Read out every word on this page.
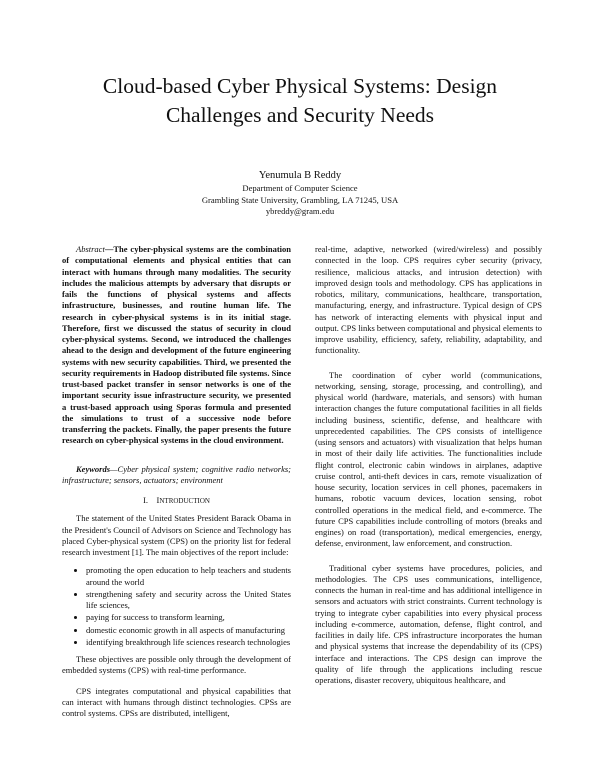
Cloud-based Cyber Physical Systems: Design
Challenges and Security Needs
Yenumula B Reddy
Department of Computer Science
Grambling State University, Grambling, LA 71245, USA
ybreddy@gram.edu

Abstract—The cyber-physical systems are the combination of computational elements and physical entities that can interact with humans through many modalities. The security includes the malicious attempts by adversary that disrupts or fails the functions of physical systems and affects infrastructure, businesses, and routine human life. The research in cyber-physical systems is in its initial stage. Therefore, first we discussed the status of security in cloud cyber-physical systems. Second, we introduced the challenges ahead to the design and development of the future engineering systems with new security capabilities. Third, we presented the security requirements in Hadoop distributed file systems. Since trust-based packet transfer in sensor networks is one of the important security issue infrastructure security, we presented a trust-based approach using Sporas formula and presented the simulations to trust of a successive node before transferring the packets. Finally, the paper presents the future research on cyber-physical systems in the cloud environment.

Keywords—Cyber physical system; cognitive radio networks; infrastructure; sensors, actuators; environment

I. INTRODUCTION

The statement of the United States President Barack Obama in the President's Council of Advisors on Science and Technology has placed Cyber-physical system (CPS) on the priority list for federal research investment [1]. The main objectives of the report include:

• promoting the open education to help teachers and students around the world
• strengthening safety and security across the United States life sciences,
• paying for success to transform learning,
• domestic economic growth in all aspects of manufacturing
• identifying breakthrough life sciences research technologies

These objectives are possible only through the development of embedded systems (CPS) with real-time performance.

CPS integrates computational and physical capabilities that can interact with humans through distinct technologies. CPSs are control systems. CPSs are distributed, intelligent,

real-time, adaptive, networked (wired/wireless) and possibly connected in the loop. CPS requires cyber security (privacy, resilience, malicious attacks, and intrusion detection) with improved design tools and methodology. CPS has applications in robotics, military, communications, healthcare, transportation, manufacturing, energy, and infrastructure. Typical design of CPS has network of interacting elements with physical input and output. CPS links between computational and physical elements to improve usability, efficiency, safety, reliability, adaptability, and functionality.

The coordination of cyber world (communications, networking, sensing, storage, processing, and controlling), and physical world (hardware, materials, and sensors) with human interaction changes the future computational facilities in all fields including business, scientific, defense, and healthcare with unprecedented capabilities. The CPS consists of intelligence (using sensors and actuators) with visualization that helps human in most of their daily life activities. The functionalities include flight control, electronic cabin windows in airplanes, adaptive cruise control, anti-theft devices in cars, remote visualization of house security, location services in cell phones, pacemakers in humans, robotic vacuum devices, location sensing, robot controlled operations in the medical field, and e-commerce. The future CPS capabilities include controlling of motors (breaks and engines) on road (transportation), medical emergencies, energy, defense, environment, law enforcement, and construction.

Traditional cyber systems have procedures, policies, and methodologies. The CPS uses communications, intelligence, connects the human in real-time and has additional intelligence in sensors and actuators with strict constraints. Current technology is trying to integrate cyber capabilities into every physical process including e-commerce, automation, defense, flight control, and facilities in daily life. CPS infrastructure incorporates the human and physical systems that increase the dependability of its (CPS) interface and interactions. The CPS design can improve the quality of life through the applications including rescue operations, disaster recovery, ubiquitous healthcare, and
